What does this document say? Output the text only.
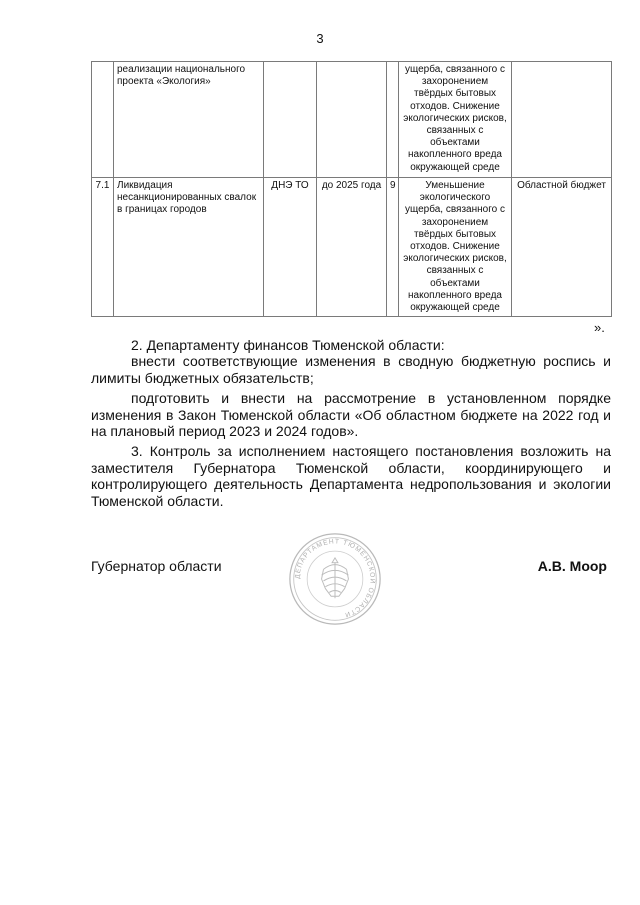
3
	реализации национального проекта «Экология»				ущерба, связанного с захоронением твёрдых бытовых отходов. Снижение экологических рисков, связанных с объектами накопленного вреда окружающей среде	
7.1	Ликвидация несанкционированных свалок в границах городов	ДНЭ ТО	до 2025 года	9	Уменьшение экологического ущерба, связанного с захоронением твёрдых бытовых отходов. Снижение экологических рисков, связанных с объектами накопленного вреда окружающей среде	Областной бюджет
».

2. Департаменту финансов Тюменской области:

внести соответствующие изменения в сводную бюджетную роспись и лимиты бюджетных обязательств;

подготовить и внести на рассмотрение в установленном порядке изменения в Закон Тюменской области «Об областном бюджете на 2022 год и на плановый период 2023 и 2024 годов».

3. Контроль за исполнением настоящего постановления возложить на заместителя Губернатора Тюменской области, координирующего и контролирующего деятельность Департамента недропользования и экологии Тюменской области.

ДЕПАРТАМЕНТ ТЮМЕНСКОЙ ОБЛАСТИ
Губернатор области	А.В. Моор
